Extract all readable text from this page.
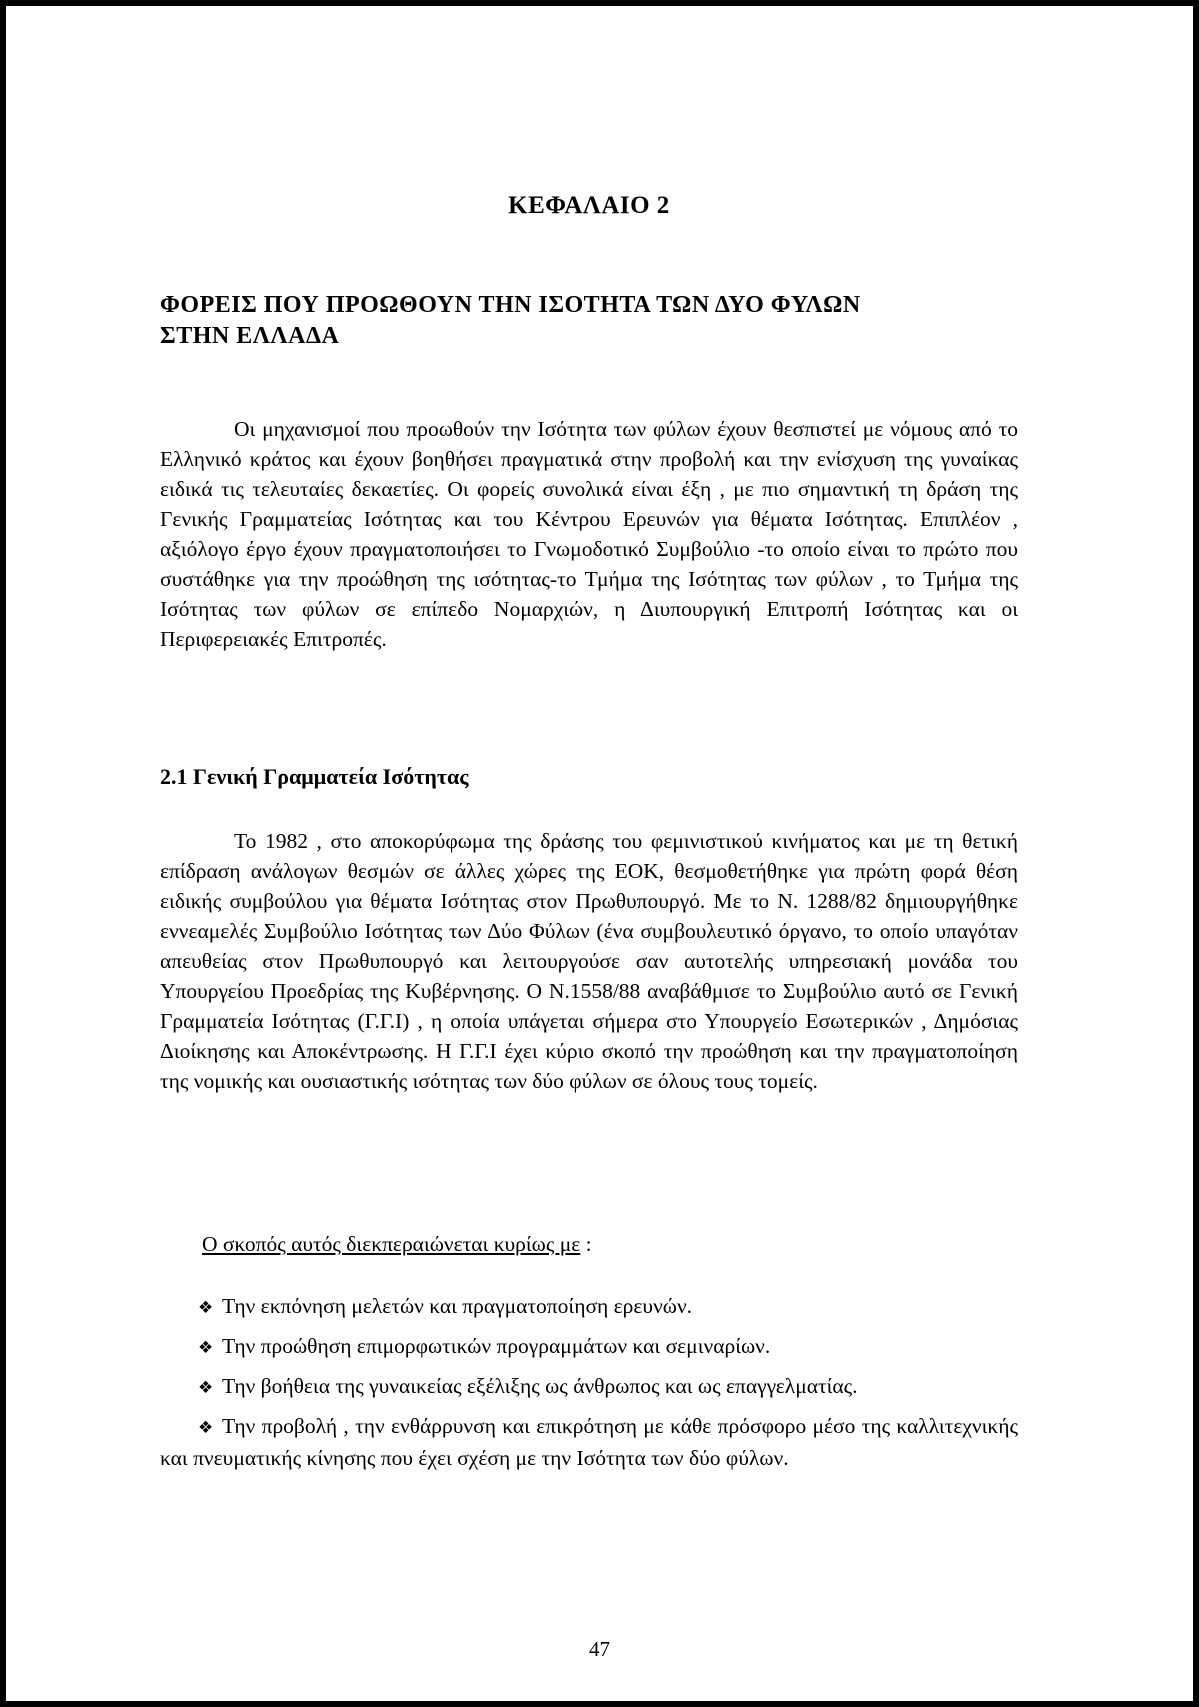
ΚΕΦΑΛΑΙΟ 2
ΦΟΡΕΙΣ ΠΟΥ ΠΡΟΩΘΟΥΝ ΤΗΝ ΙΣΟΤΗΤΑ ΤΩΝ ΔΥΟ ΦΥΛΩΝ
ΣΤΗΝ ΕΛΛΑΔΑ

Οι μηχανισμοί που προωθούν την Ισότητα των φύλων έχουν θεσπιστεί με νόμους από το Ελληνικό κράτος και έχουν βοηθήσει πραγματικά στην προβολή και την ενίσχυση της γυναίκας ειδικά τις τελευταίες δεκαετίες. Οι φορείς συνολικά είναι έξη , με πιο σημαντική τη δράση της Γενικής Γραμματείας Ισότητας και του Κέντρου Ερευνών για θέματα Ισότητας. Επιπλέον , αξιόλογο έργο έχουν πραγματοποιήσει το Γνωμοδοτικό Συμβούλιο -το οποίο είναι το πρώτο που συστάθηκε για την προώθηση της ισότητας-το Τμήμα της Ισότητας των φύλων , το Τμήμα της Ισότητας των φύλων σε επίπεδο Νομαρχιών, η Διυπουργική Επιτροπή Ισότητας και οι Περιφερειακές Επιτροπές.

2.1 Γενική Γραμματεία Ισότητας

Το 1982 , στο αποκορύφωμα της δράσης του φεμινιστικού κινήματος και με τη θετική επίδραση ανάλογων θεσμών σε άλλες χώρες της ΕΟΚ, θεσμοθετήθηκε για πρώτη φορά θέση ειδικής συμβούλου για θέματα Ισότητας στον Πρωθυπουργό. Με το Ν. 1288/82 δημιουργήθηκε εννεαμελές Συμβούλιο Ισότητας των Δύο Φύλων (ένα συμβουλευτικό όργανο, το οποίο υπαγόταν απευθείας στον Πρωθυπουργό και λειτουργούσε σαν αυτοτελής υπηρεσιακή μονάδα του Υπουργείου Προεδρίας της Κυβέρνησης. Ο Ν.1558/88 αναβάθμισε το Συμβούλιο αυτό σε Γενική Γραμματεία Ισότητας (Γ.Γ.Ι) , η οποία υπάγεται σήμερα στο Υπουργείο Εσωτερικών , Δημόσιας Διοίκησης και Αποκέντρωσης. Η Γ.Γ.Ι έχει κύριο σκοπό την προώθηση και την πραγματοποίηση της νομικής και ουσιαστικής ισότητας των δύο φύλων σε όλους τους τομείς.

Ο σκοπός αυτός διεκπεραιώνεται κυρίως με :

❖ Την εκπόνηση μελετών και πραγματοποίηση ερευνών.
❖ Την προώθηση επιμορφωτικών προγραμμάτων και σεμιναρίων.
❖ Την βοήθεια της γυναικείας εξέλιξης ως άνθρωπος και ως επαγγελματίας.
❖ Την προβολή , την ενθάρρυνση και επικρότηση με κάθε πρόσφορο μέσο της καλλιτεχνικής και πνευματικής κίνησης που έχει σχέση με την Ισότητα των δύο φύλων.

47
